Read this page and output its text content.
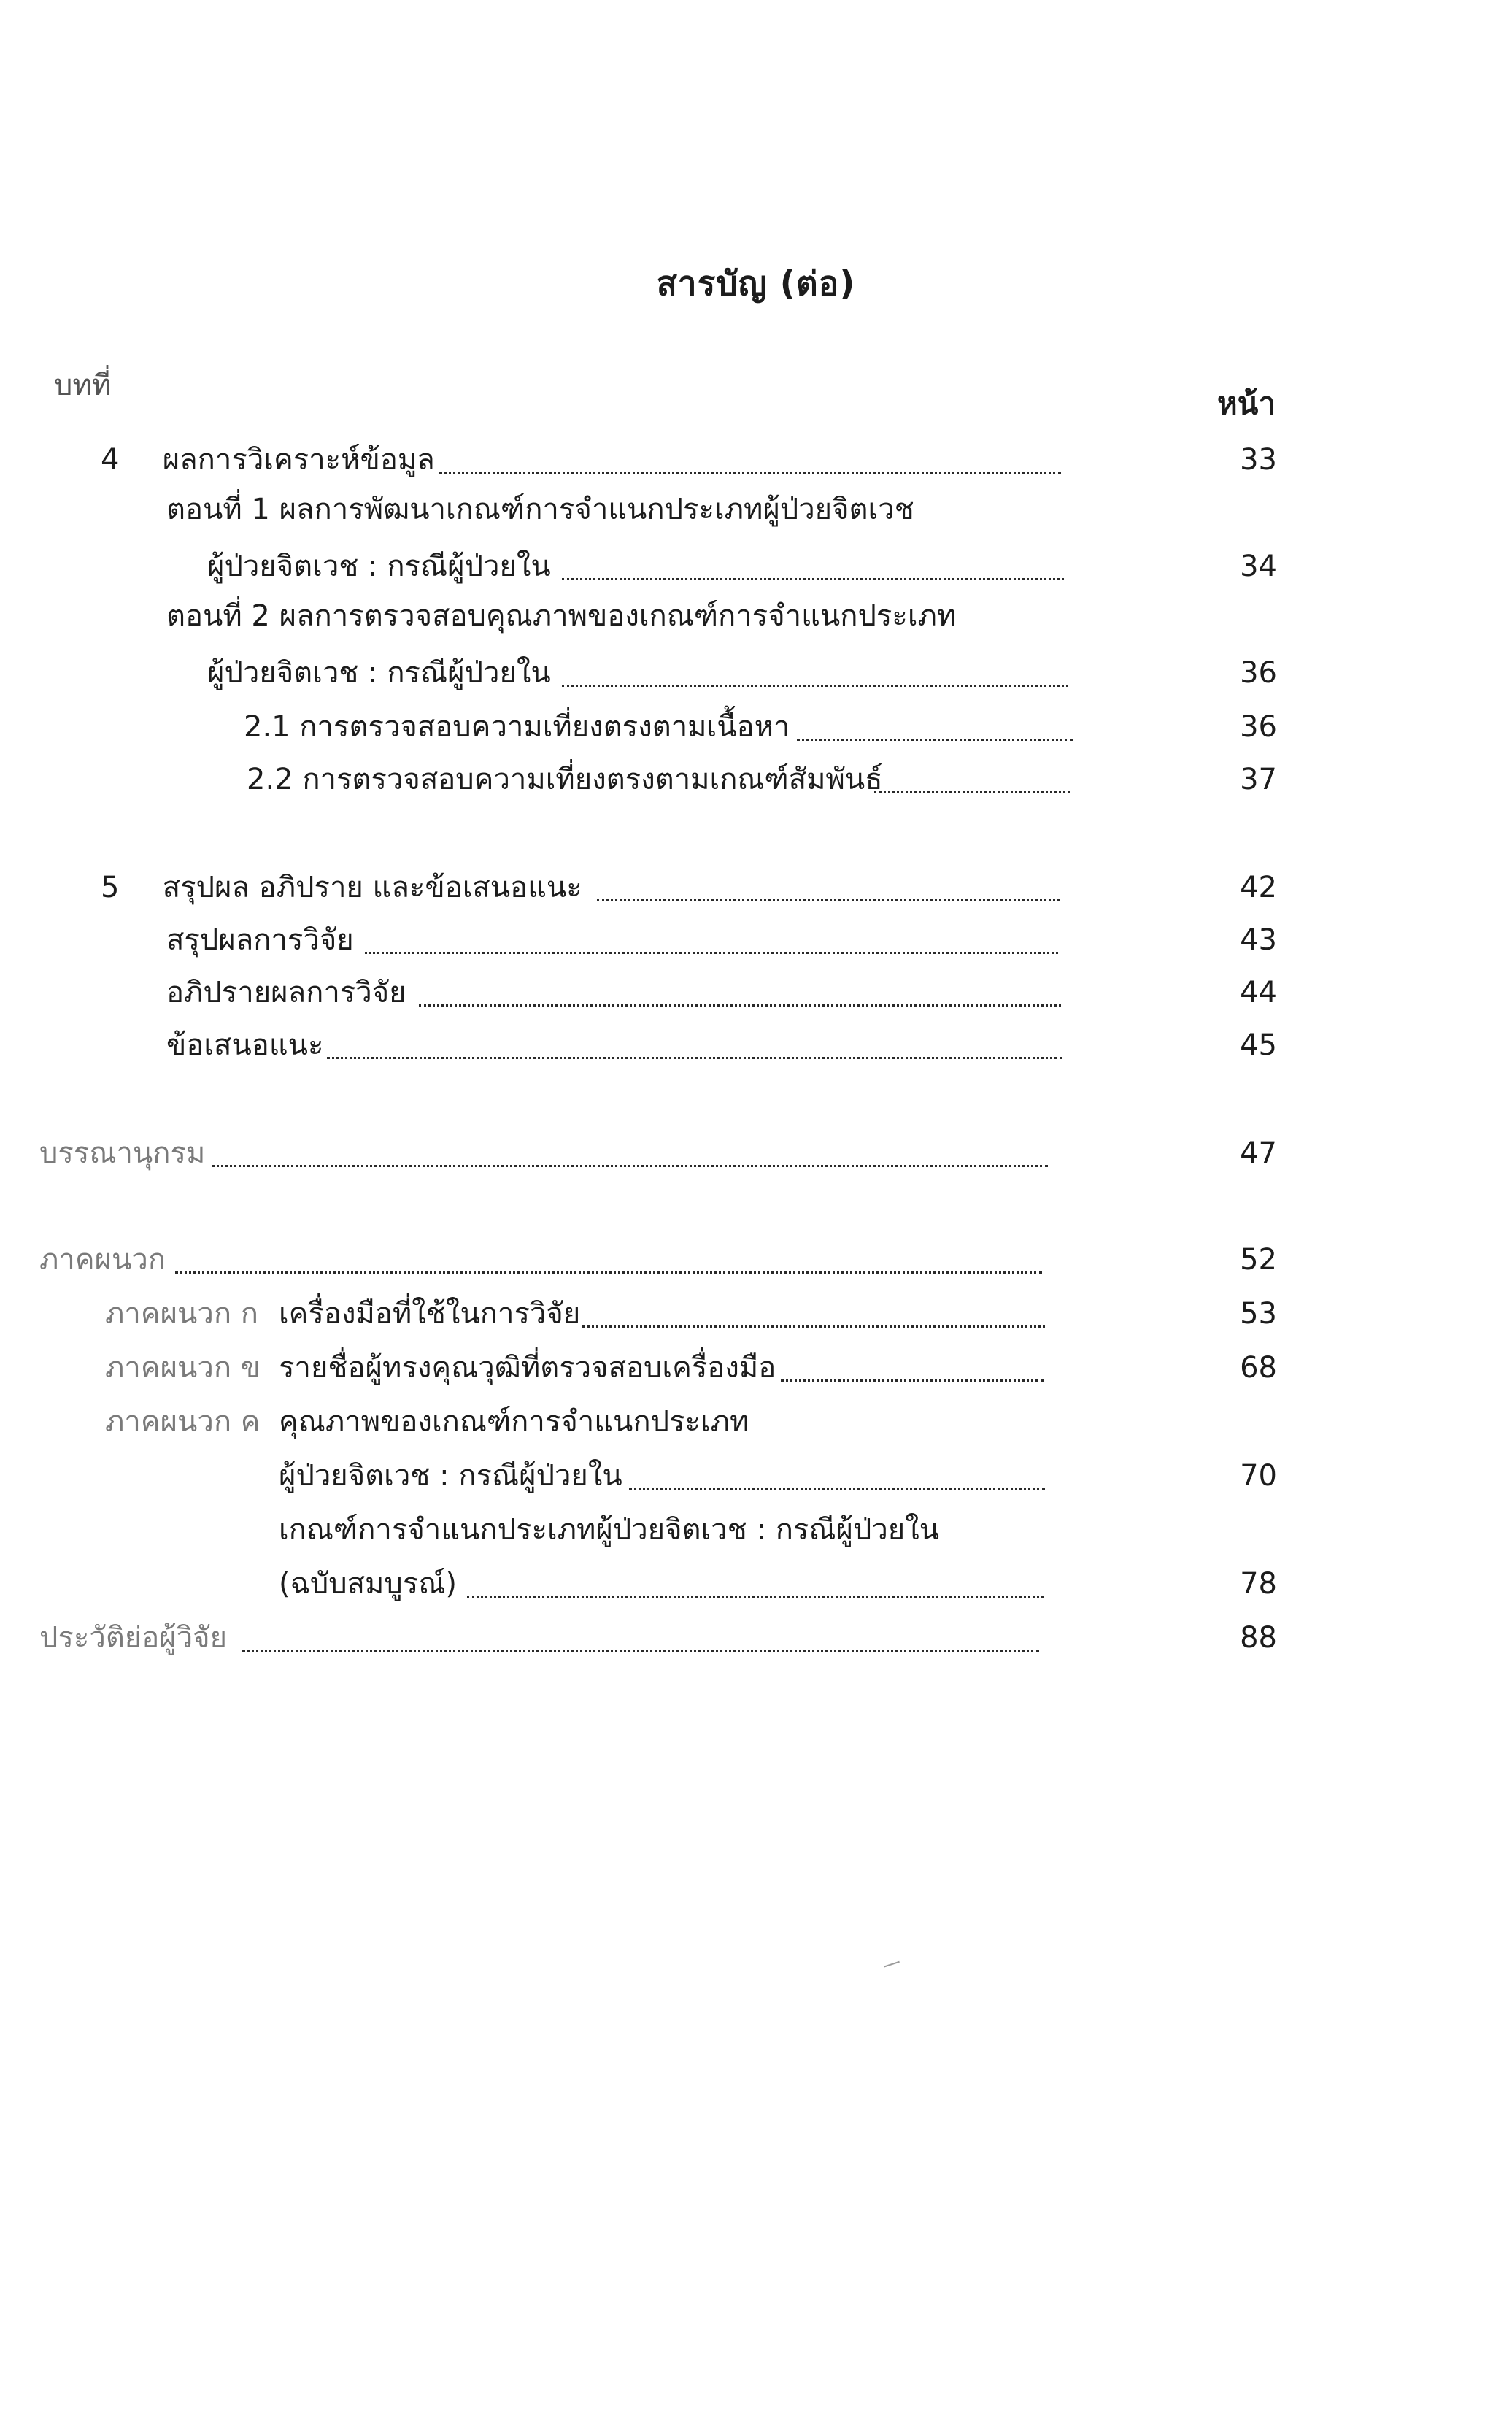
สารบัญ (ต่อ)
บทที่	หน้า
4 ผลการวิเคราะห์ข้อมูล	33
ตอนที่ 1 ผลการพัฒนาเกณฑ์การจำแนกประเภทผู้ป่วยจิตเวช
ผู้ป่วยจิตเวช : กรณีผู้ป่วยใน	34
ตอนที่ 2 ผลการตรวจสอบคุณภาพของเกณฑ์การจำแนกประเภท
ผู้ป่วยจิตเวช : กรณีผู้ป่วยใน	36
2.1 การตรวจสอบความเที่ยงตรงตามเนื้อหา	36
2.2 การตรวจสอบความเที่ยงตรงตามเกณฑ์สัมพันธ์	37
5 สรุปผล อภิปราย และข้อเสนอแนะ	42
สรุปผลการวิจัย	43
อภิปรายผลการวิจัย	44
ข้อเสนอแนะ	45
บรรณานุกรม	47
ภาคผนวก	52
ภาคผนวก ก เครื่องมือที่ใช้ในการวิจัย	53
ภาคผนวก ข รายชื่อผู้ทรงคุณวุฒิที่ตรวจสอบเครื่องมือ	68
ภาคผนวก ค คุณภาพของเกณฑ์การจำแนกประเภท
ผู้ป่วยจิตเวช : กรณีผู้ป่วยใน	70
เกณฑ์การจำแนกประเภทผู้ป่วยจิตเวช : กรณีผู้ป่วยใน
(ฉบับสมบูรณ์)	78
ประวัติย่อผู้วิจัย	88
